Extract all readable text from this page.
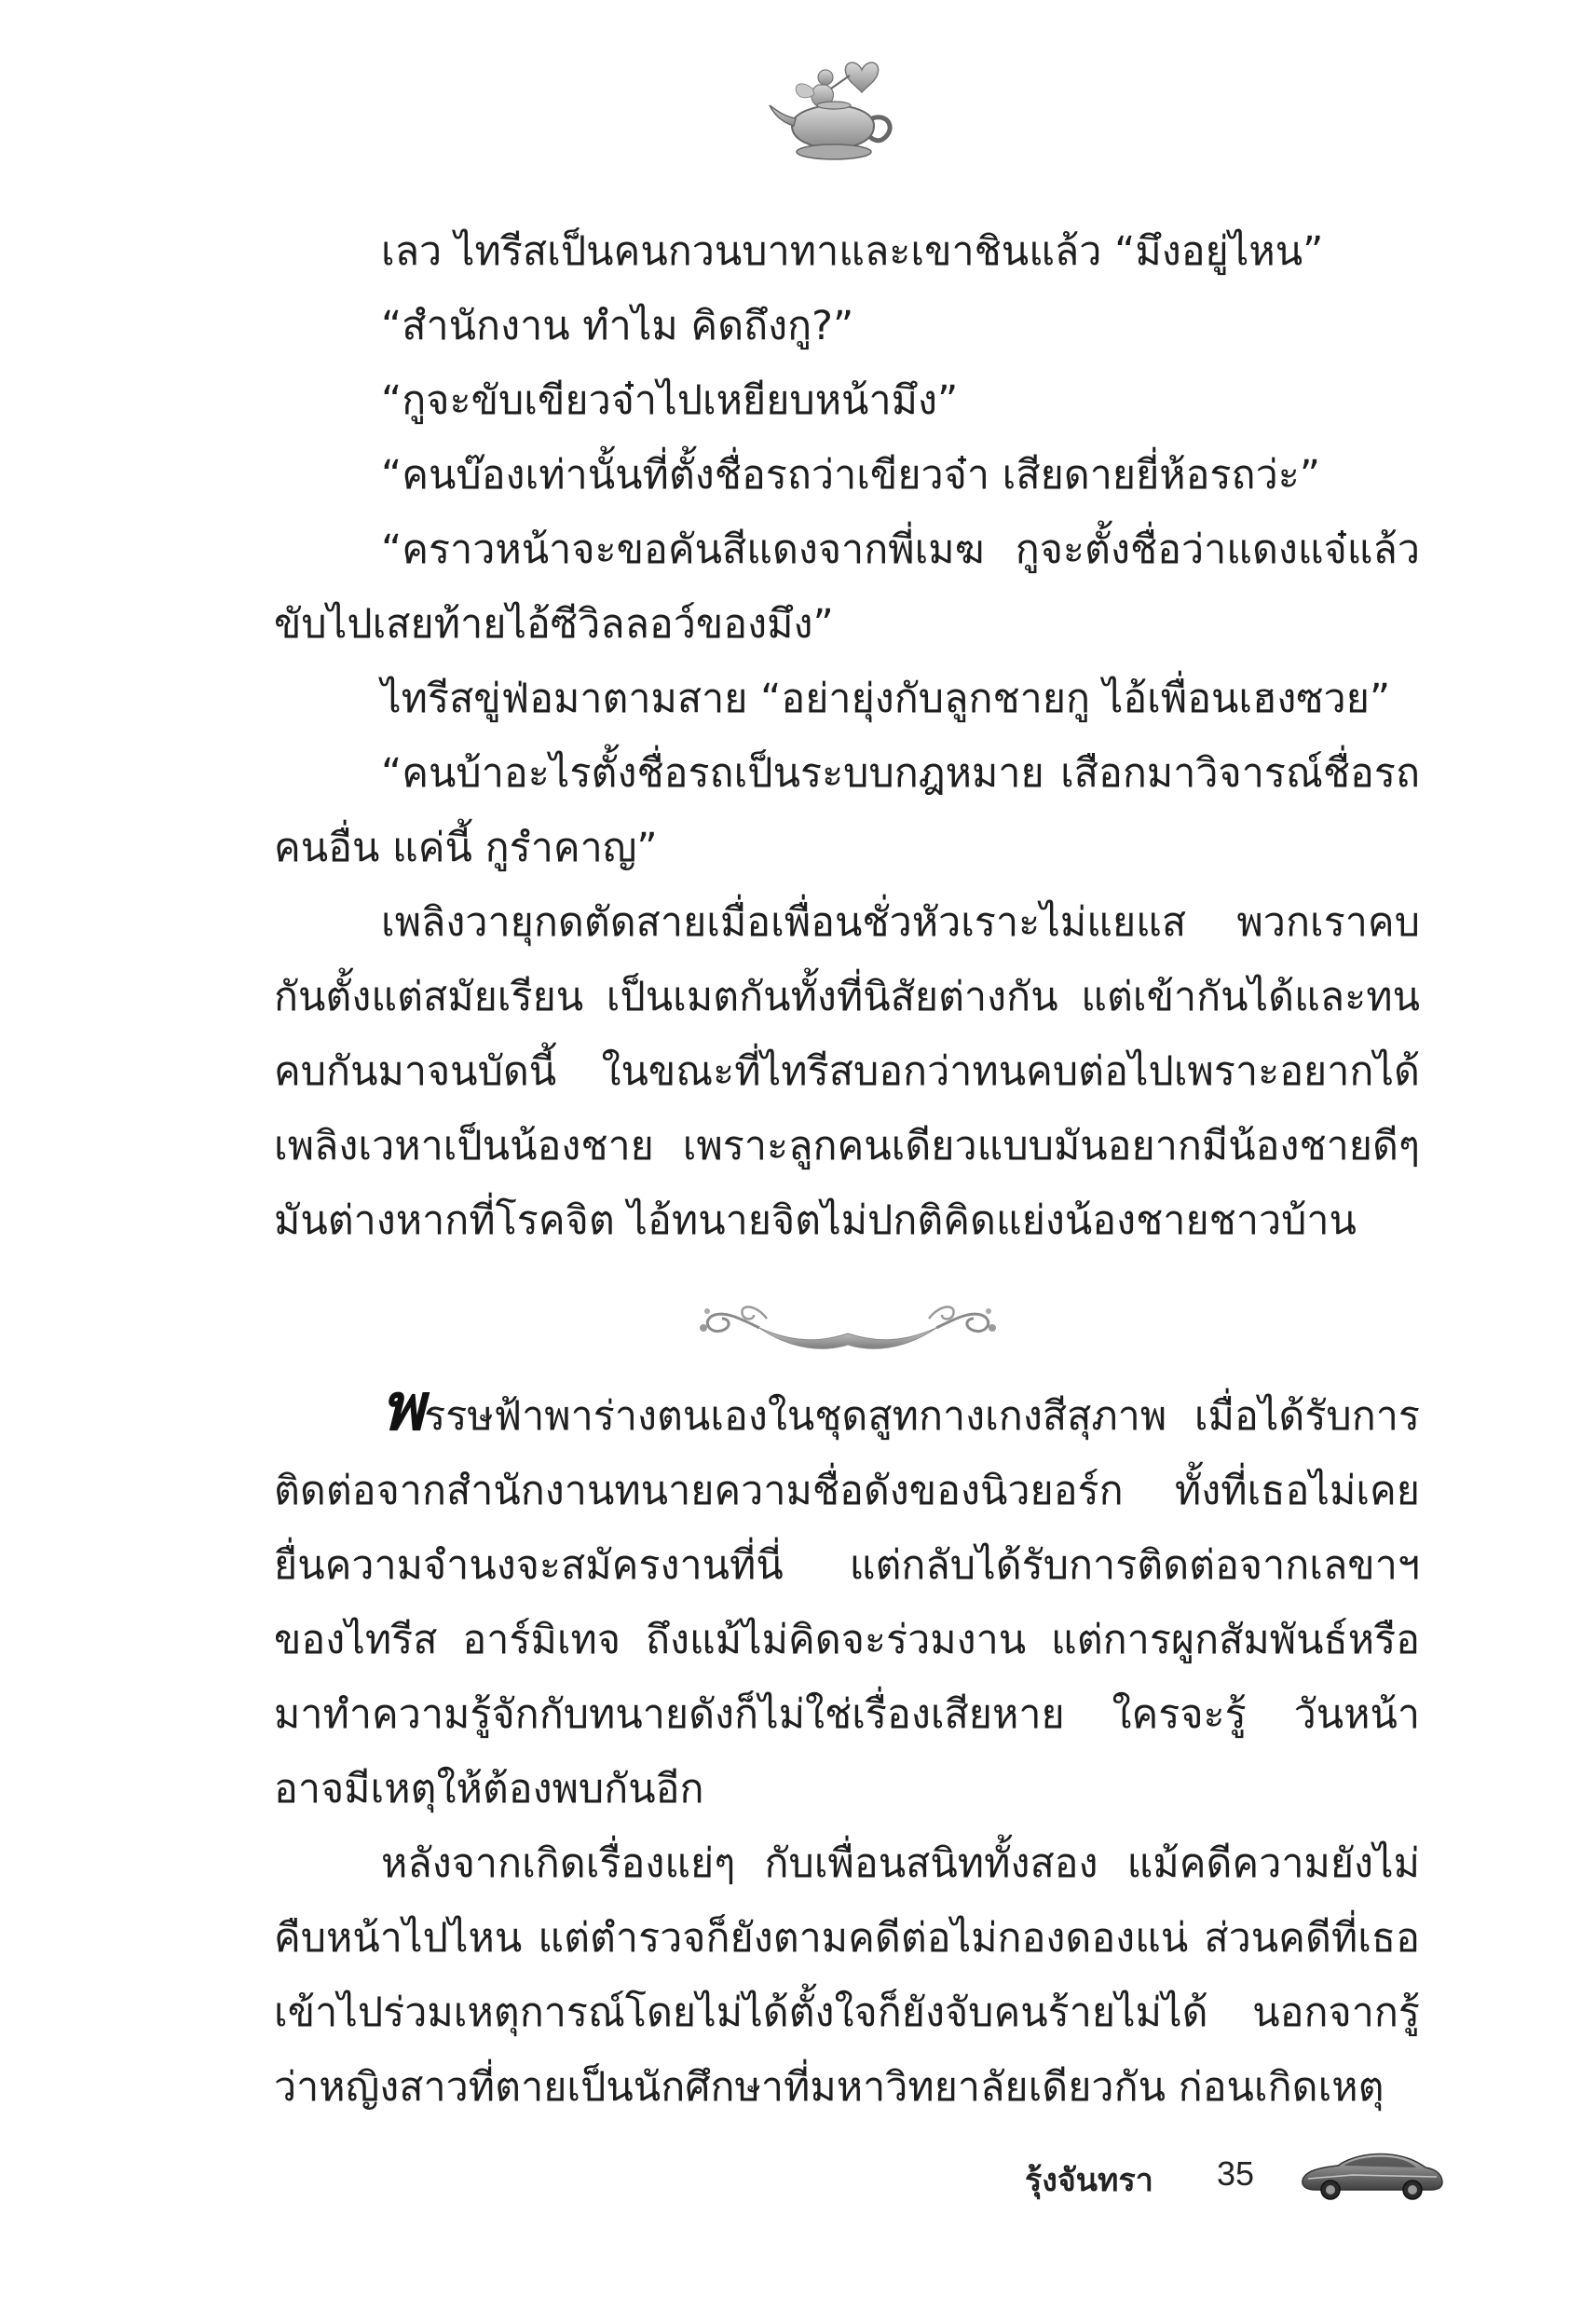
เลว ไทรีสเป็นคนกวนบาทาและเขาชินแล้ว “มึงอยู่ไหน”

“สำนักงาน ทำไม คิดถึงกู?”

“กูจะขับเขียวจ๋าไปเหยียบหน้ามึง”

“คนบ๊องเท่านั้นที่ตั้งชื่อรถว่าเขียวจ๋า เสียดายยี่ห้อรถว่ะ”

“คราวหน้าจะขอคันสีแดงจากพี่เมฆ กูจะตั้งชื่อว่าแดงแจ๋แล้วขับไปเสยท้ายไอ้ซีวิลลอว์ของมึง”

ไทรีสขู่ฟ่อมาตามสาย “อย่ายุ่งกับลูกชายกู ไอ้เพื่อนเฮงซวย”

“คนบ้าอะไรตั้งชื่อรถเป็นระบบกฎหมาย เสือกมาวิจารณ์ชื่อรถคนอื่น แค่นี้ กูรำคาญ”

เพลิงวายุกดตัดสายเมื่อเพื่อนชั่วหัวเราะไม่แยแส พวกเราคบกันตั้งแต่สมัยเรียน เป็นเมตกันทั้งที่นิสัยต่างกัน แต่เข้ากันได้และทนคบกันมาจนบัดนี้ ในขณะที่ไทรีสบอกว่าทนคบต่อไปเพราะอยากได้เพลิงเวหาเป็นน้องชาย เพราะลูกคนเดียวแบบมันอยากมีน้องชายดีๆ มันต่างหากที่โรคจิต ไอ้ทนายจิตไม่ปกติคิดแย่งน้องชายชาวบ้าน

พรรษฟ้าพาร่างตนเองในชุดสูทกางเกงสีสุภาพ เมื่อได้รับการติดต่อจากสำนักงานทนายความชื่อดังของนิวยอร์ก ทั้งที่เธอไม่เคยยื่นความจำนงจะสมัครงานที่นี่ แต่กลับได้รับการติดต่อจากเลขาฯ ของไทรีส อาร์มิเทจ ถึงแม้ไม่คิดจะร่วมงาน แต่การผูกสัมพันธ์หรือมาทำความรู้จักกับทนายดังก็ไม่ใช่เรื่องเสียหาย ใครจะรู้ วันหน้าอาจมีเหตุให้ต้องพบกันอีก

หลังจากเกิดเรื่องแย่ๆ กับเพื่อนสนิททั้งสอง แม้คดีความยังไม่คืบหน้าไปไหน แต่ตำรวจก็ยังตามคดีต่อไม่กองดองแน่ ส่วนคดีที่เธอเข้าไปร่วมเหตุการณ์โดยไม่ได้ตั้งใจก็ยังจับคนร้ายไม่ได้ นอกจากรู้ว่าหญิงสาวที่ตายเป็นนักศึกษาที่มหาวิทยาลัยเดียวกัน ก่อนเกิดเหตุ

รุ้งจันทรา 35
